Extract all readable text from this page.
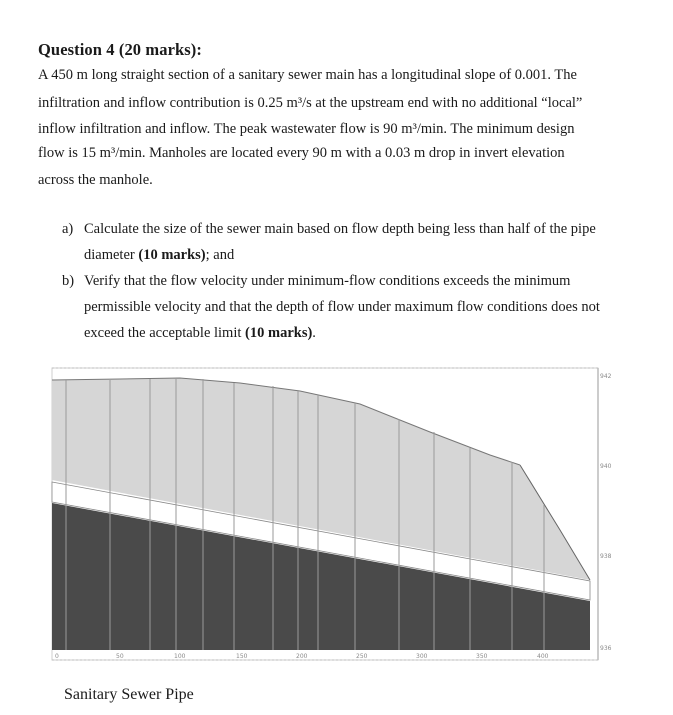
Question 4 (20 marks):
A 450 m long straight section of a sanitary sewer main has a longitudinal slope of 0.001. The
infiltration and inflow contribution is 0.25 m³/s at the upstream end with no additional “local”
inflow infiltration and inflow. The peak wastewater flow is 90 m³/min. The minimum design
flow is 15 m³/min. Manholes are located every 90 m with a 0.03 m drop in invert elevation
across the manhole.
a) Calculate the size of the sewer main based on flow depth being less than half of the pipe
diameter (10 marks); and
b) Verify that the flow velocity under minimum-flow conditions exceeds the minimum
permissible velocity and that the depth of flow under maximum flow conditions does not
exceed the acceptable limit (10 marks).
0	50	100	150	200	250	300	350	400
942
940
938
936
Sanitary Sewer Pipe
